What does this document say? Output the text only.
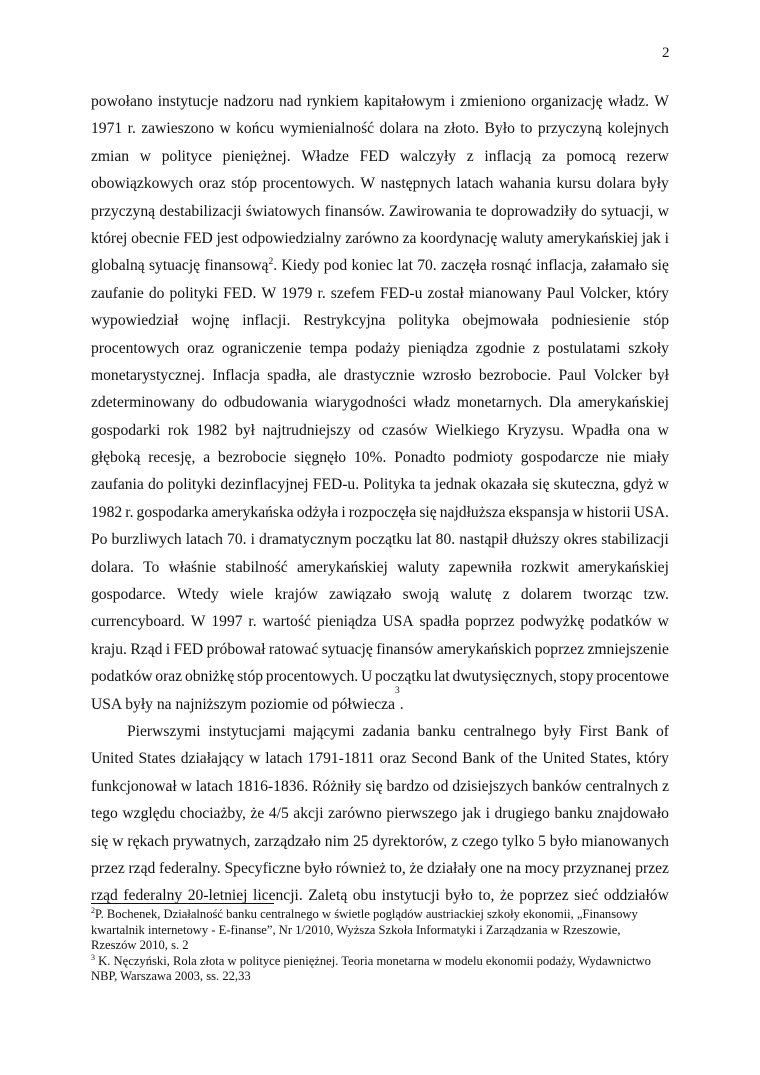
2
powołano instytucje nadzoru nad rynkiem kapitałowym i zmieniono organizację władz. W
1971 r. zawieszono w końcu wymienialność dolara na złoto. Było to przyczyną kolejnych
zmian w polityce pieniężnej. Władze FED walczyły z inflacją za pomocą rezerw
obowiązkowych oraz stóp procentowych. W następnych latach wahania kursu dolara były
przyczyną destabilizacji światowych finansów. Zawirowania te doprowadziły do sytuacji, w
której obecnie FED jest odpowiedzialny zarówno za koordynację waluty amerykańskiej jak i
globalną sytuację finansową$^2$. Kiedy pod koniec lat 70. zaczęła rosnąć inflacja, załamało się
zaufanie do polityki FED. W 1979 r. szefem FED-u został mianowany Paul Volcker, który
wypowiedział wojnę inflacji. Restrykcyjna polityka obejmowała podniesienie stóp
procentowych oraz ograniczenie tempa podaży pieniądza zgodnie z postulatami szkoły
monetarystycznej. Inflacja spadła, ale drastycznie wzrosło bezrobocie. Paul Volcker był
zdeterminowany do odbudowania wiarygodności władz monetarnych. Dla amerykańskiej
gospodarki rok 1982 był najtrudniejszy od czasów Wielkiego Kryzysu. Wpadła ona w
głęboką recesję, a bezrobocie sięgnęło 10%. Ponadto podmioty gospodarcze nie miały
zaufania do polityki dezinflacyjnej FED-u. Polityka ta jednak okazała się skuteczna, gdyż w
1982 r. gospodarka amerykańska odżyła i rozpoczęła się najdłuższa ekspansja w historii USA.
Po burzliwych latach 70. i dramatycznym początku lat 80. nastąpił dłuższy okres stabilizacji
dolara. To właśnie stabilność amerykańskiej waluty zapewniła rozkwit amerykańskiej
gospodarce. Wtedy wiele krajów zawiązało swoją walutę z dolarem tworząc tzw.
currencyboard. W 1997 r. wartość pieniądza USA spadła poprzez podwyżkę podatków w
kraju. Rząd i FED próbował ratować sytuację finansów amerykańskich poprzez zmniejszenie
podatków oraz obniżkę stóp procentowych. U początku lat dwutysięcznych, stopy procentowe
USA były na najniższym poziomie od półwiecza
3
.
Pierwszymi instytucjami mającymi zadania banku centralnego były First Bank of
United States działający w latach 1791-1811 oraz Second Bank of the United States, który
funkcjonował w latach 1816-1836. Różniły się bardzo od dzisiejszych banków centralnych z
tego względu chociażby, że 4/5 akcji zarówno pierwszego jak i drugiego banku znajdowało
się w rękach prywatnych, zarządzało nim 25 dyrektorów, z czego tylko 5 było mianowanych
przez rząd federalny. Specyficzne było również to, że działały one na mocy przyznanej przez
rząd federalny 20-letniej licencji. Zaletą obu instytucji było to, że poprzez sieć oddziałów
$^2$P. Bochenek, Działalność banku centralnego w świetle poglądów austriackiej szkoły ekonomii, „Finansowy
kwartalnik internetowy - E-finanse”, Nr 1/2010, Wyższa Szkoła Informatyki i Zarządzania w Rzeszowie,
Rzeszów 2010, s. 2
$^3$ K. Nęczyński, Rola złota w polityce pieniężnej. Teoria monetarna w modelu ekonomii podaży, Wydawnictwo
NBP, Warszawa 2003, ss. 22,33
